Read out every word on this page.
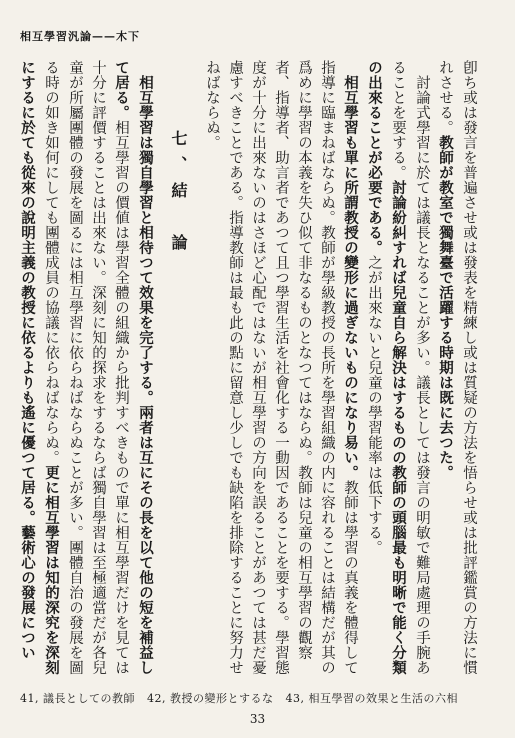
相互學習汎論——木下

卽ち或は發言を普遍させ或は發表を精練し或は質疑の方法を悟らせ或は批評鑑賞の方法に慣れさせる。教師が教室で獨舞臺で活躍する時期は既に去つた。

討論式學習に於ては議長となることが多い。議長としては發言の明敏で難局處理の手腕あることを要する。討論紛糾すれば兒童自ら解決はするものの教師の頭腦最も明晰で能く分類の出來ることが必要である。之が出來ないと兒童の學習能率は低下する。

相互學習も單に所謂教授の變形に過ぎないものになり易い。教師は學習の真義を體得して指導に臨まねばならぬ。教師が學級教授の長所を學習組織の内に容れることは結構だが其の爲めに學習の本義を失ひ似て非なるものとなつてはならぬ。教師は兒童の相互學習の觀察者、指導者、助言者であつて且つ學習生活を社會化する一動因であることを要する。學習態度が十分に出來ないのはさほど心配ではないが相互學習の方向を誤ることがあつては甚だ憂慮すべきことである。指導教師は最も此の點に留意し少しでも缺陷を排除することに努力せねばならぬ。

七、結　論

相互學習は獨自學習と相待つて效果を完了する。兩者は互にその長を以て他の短を補益して居る。相互學習の價値は學習全體の組織から批判すべきもので單に相互學習だけを見ては十分に評價することは出來ない。深刻に知的探求をするならば獨自學習は至極適當だが各兒童が所屬團體の發展を圖るには相互學習に依らねばならぬことが多い。團體自治の發展を圖る時の如き如何にしても團體成員の協議に依らねばならぬ。更に相互學習は知的深究を深刻にするに於ても從來の說明主義の教授に依るよりも遙に優つて居る。藝術心の發展につい

41, 議長としての教師 42, 教授の變形とするな 43, 相互學習の效果と生活の六相
33
